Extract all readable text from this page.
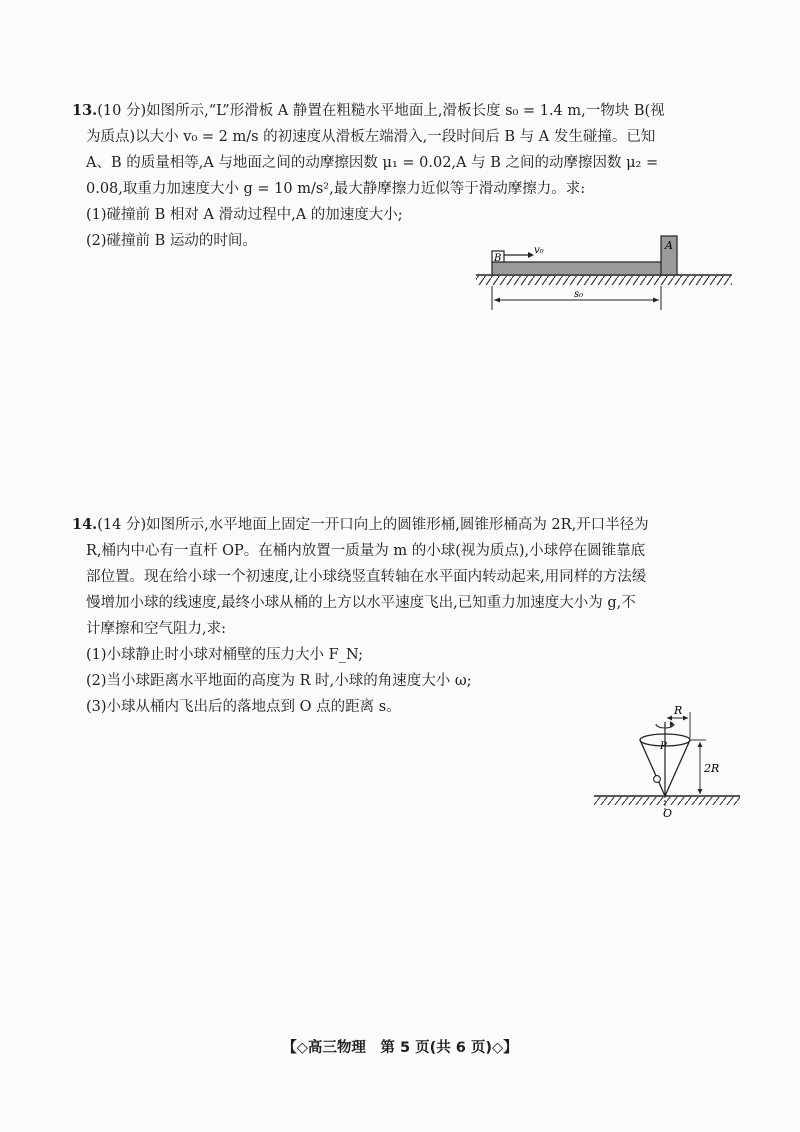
13.(10 分)如图所示,“L”形滑板 A 静置在粗糙水平地面上,滑板长度 s₀ = 1.4 m,一物块 B(视

为质点)以大小 v₀ = 2 m/s 的初速度从滑板左端滑入,一段时间后 B 与 A 发生碰撞。已知

A、B 的质量相等,A 与地面之间的动摩擦因数 μ₁ = 0.02,A 与 B 之间的动摩擦因数 μ₂ =

0.08,取重力加速度大小 g = 10 m/s²,最大静摩擦力近似等于滑动摩擦力。求:

(1)碰撞前 B 相对 A 滑动过程中,A 的加速度大小;

(2)碰撞前 B 运动的时间。	A
B
v₀
s₀

14.(14 分)如图所示,水平地面上固定一开口向上的圆锥形桶,圆锥形桶高为 2R,开口半径为

R,桶内中心有一直杆 OP。在桶内放置一质量为 m 的小球(视为质点),小球停在圆锥靠底

部位置。现在给小球一个初速度,让小球绕竖直转轴在水平面内转动起来,用同样的方法缓

慢增加小球的线速度,最终小球从桶的上方以水平速度飞出,已知重力加速度大小为 g,不

计摩擦和空气阻力,求:

(1)小球静止时小球对桶壁的压力大小 F_N;

(2)当小球距离水平地面的高度为 R 时,小球的角速度大小 ω;

(3)小球从桶内飞出后的落地点到 O 点的距离 s。	R
P
2R
O
【◇高三物理　第 5 页(共 6 页)◇】
